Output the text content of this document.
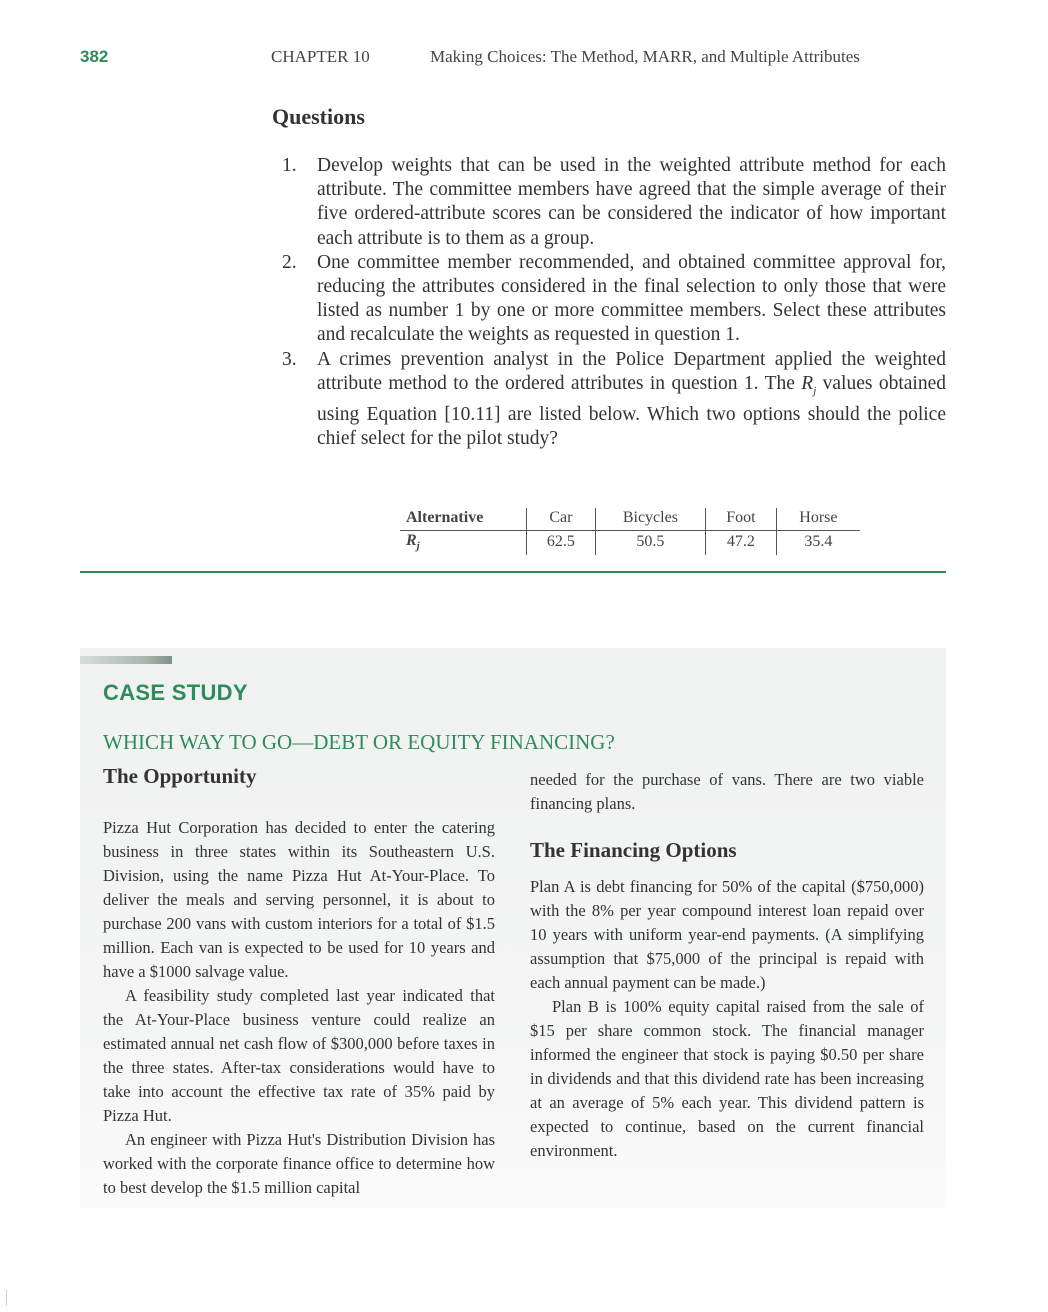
382	CHAPTER 10	Making Choices: The Method, MARR, and Multiple Attributes
Questions
1. Develop weights that can be used in the weighted attribute method for each attribute. The committee members have agreed that the simple average of their five ordered-attribute scores can be considered the indicator of how important each attribute is to them as a group.
2. One committee member recommended, and obtained committee approval for, reducing the attributes considered in the final selection to only those that were listed as number 1 by one or more committee members. Select these attributes and recalculate the weights as requested in question 1.
3. A crimes prevention analyst in the Police Department applied the weighted attribute method to the ordered attributes in question 1. The $R_j$ values obtained using Equation [10.11] are listed below. Which two options should the police chief select for the pilot study?
Alternative	Car	Bicycles	Foot	Horse
$R_j$	62.5	50.5	47.2	35.4
CASE STUDY
WHICH WAY TO GO—DEBT OR EQUITY FINANCING?
The Opportunity

Pizza Hut Corporation has decided to enter the catering business in three states within its Southeastern U.S. Division, using the name Pizza Hut At-Your-Place. To deliver the meals and serving personnel, it is about to purchase 200 vans with custom interiors for a total of $1.5 million. Each van is expected to be used for 10 years and have a $1000 salvage value.

A feasibility study completed last year indicated that the At-Your-Place business venture could realize an estimated annual net cash flow of $300,000 before taxes in the three states. After-tax considerations would have to take into account the effective tax rate of 35% paid by Pizza Hut.

An engineer with Pizza Hut's Distribution Division has worked with the corporate finance office to determine how to best develop the $1.5 million capital

needed for the purchase of vans. There are two viable financing plans.

The Financing Options

Plan A is debt financing for 50% of the capital ($750,000) with the 8% per year compound interest loan repaid over 10 years with uniform year-end payments. (A simplifying assumption that $75,000 of the principal is repaid with each annual payment can be made.)

Plan B is 100% equity capital raised from the sale of $15 per share common stock. The financial manager informed the engineer that stock is paying $0.50 per share in dividends and that this dividend rate has been increasing at an average of 5% each year. This dividend pattern is expected to continue, based on the current financial environment.
